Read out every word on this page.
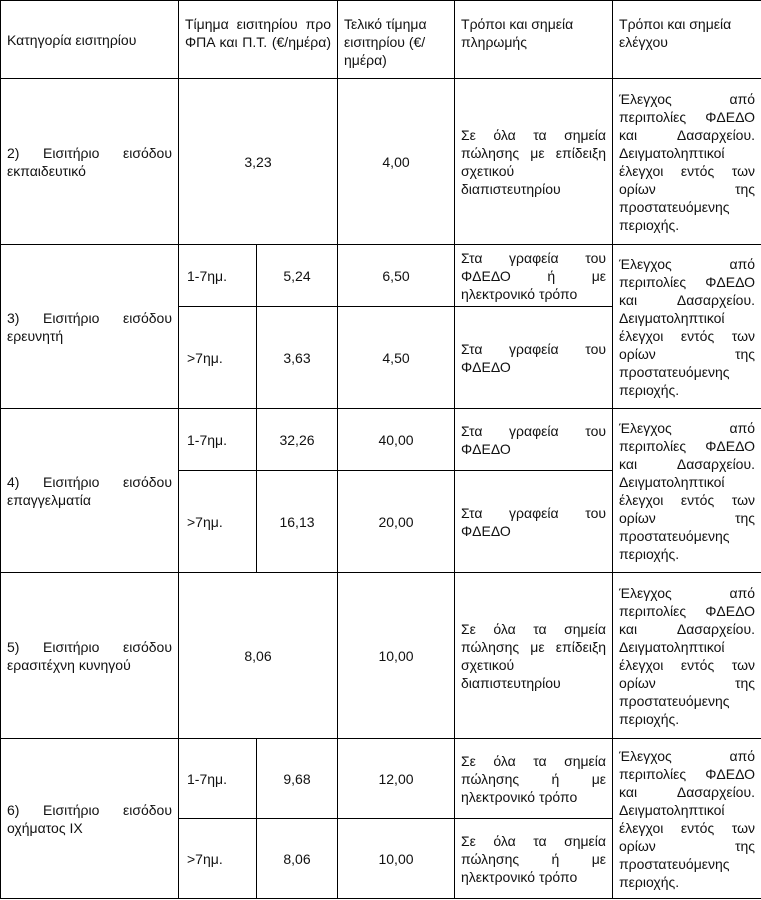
Κατηγορία εισιτηρίου	Τίμημα εισιτηρίου προ ΦΠΑ και Π.Τ. (€/ημέρα)		Τελικό τίμημα εισιτηρίου (€/ημέρα)	Τρόποι και σημεία πληρωμής	Τρόποι και σημεία ελέγχου
2) Εισιτήριο εισόδου εκπαιδευτικό	3,23		4,00	Σε όλα τα σημεία πώλησης με επίδειξη σχετικού διαπιστευτηρίου	Έλεγχος από περιπολίες ΦΔΕΔΟ και Δασαρχείου. Δειγματοληπτικοί έλεγχοι εντός των ορίων της προστατευόμενης περιοχής.
3) Εισιτήριο εισόδου ερευνητή	1-7ημ.	5,24	6,50	Στα γραφεία του ΦΔΕΔΟ ή με ηλεκτρονικό τρόπο	Έλεγχος από περιπολίες ΦΔΕΔΟ και Δασαρχείου. Δειγματοληπτικοί έλεγχοι εντός των ορίων της προστατευόμενης περιοχής.
	>7ημ.	3,63	4,50	Στα γραφεία του ΦΔΕΔΟ	
4) Εισιτήριο εισόδου επαγγελματία	1-7ημ.	32,26	40,00	Στα γραφεία του ΦΔΕΔΟ	Έλεγχος από περιπολίες ΦΔΕΔΟ και Δασαρχείου. Δειγματοληπτικοί έλεγχοι εντός των ορίων της προστατευόμενης περιοχής.
	>7ημ.	16,13	20,00	Στα γραφεία του ΦΔΕΔΟ	
5) Εισιτήριο εισόδου ερασιτέχνη κυνηγού	8,06		10,00	Σε όλα τα σημεία πώλησης με επίδειξη σχετικού διαπιστευτηρίου	Έλεγχος από περιπολίες ΦΔΕΔΟ και Δασαρχείου. Δειγματοληπτικοί έλεγχοι εντός των ορίων της προστατευόμενης περιοχής.
6) Εισιτήριο εισόδου οχήματος ΙΧ	1-7ημ.	9,68	12,00	Σε όλα τα σημεία πώλησης ή με ηλεκτρονικό τρόπο	Έλεγχος από περιπολίες ΦΔΕΔΟ και Δασαρχείου. Δειγματοληπτικοί έλεγχοι εντός των ορίων της προστατευόμενης περιοχής.
	>7ημ.	8,06	10,00	Σε όλα τα σημεία πώλησης ή με ηλεκτρονικό τρόπο	
